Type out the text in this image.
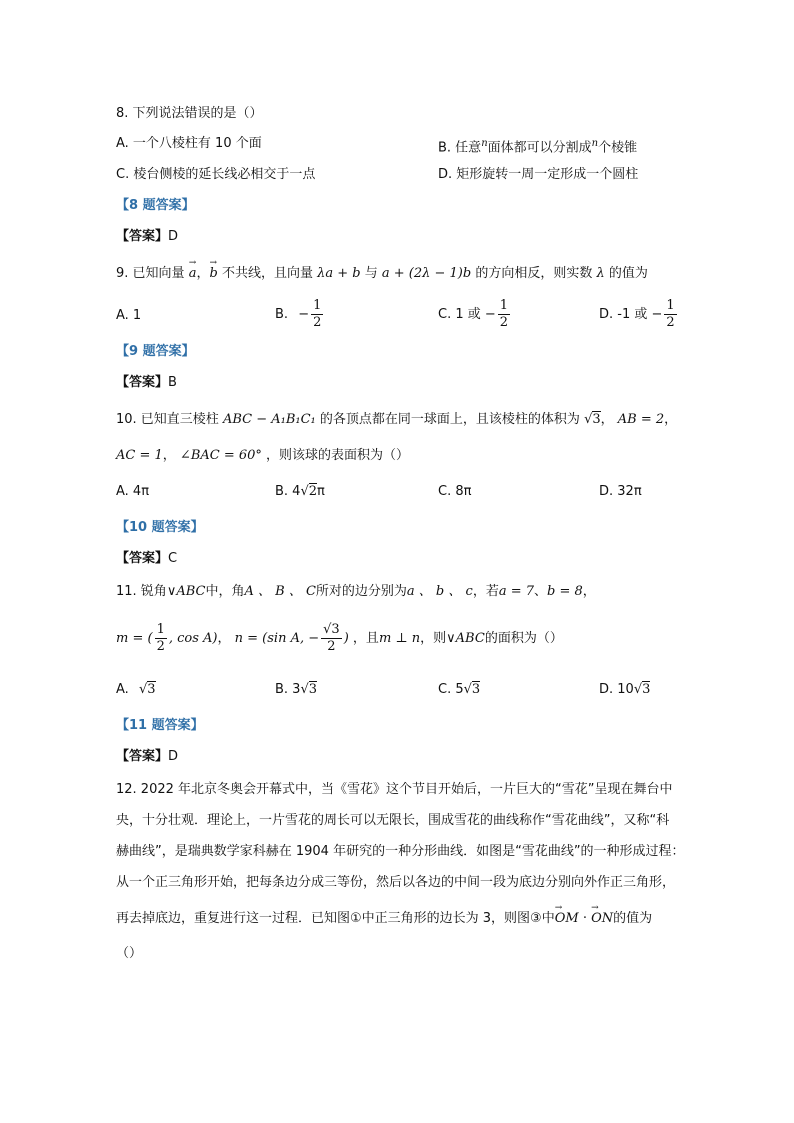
8. 下列说法错误的是（）
A. 一个八棱柱有 10 个面	B. 任意$^n$面体都可以分割成$^n$个棱锥
C. 棱台侧棱的延长线必相交于一点	D. 矩形旋转一周一定形成一个圆柱
【8 题答案】
【答案】D
9. 已知向量 → a，→ b 不共线，且向量 λa + b 与 a + (2λ − 1)b 的方向相反，则实数 λ 的值为
A. 1	B. − $\frac{1}{2}$	C. 1 或 − $\frac{1}{2}$	D. -1 或 − $\frac{1}{2}$
【9 题答案】
【答案】B
10. 已知直三棱柱 ABC − A₁B₁C₁ 的各顶点都在同一球面上，且该棱柱的体积为 √3， AB = 2，
AC = 1， ∠BAC = 60° ，则该球的表面积为（）
A. 4π	B. 4√2π	C. 8π	D. 32π
【10 题答案】
【答案】C
11. 锐角∨ABC中，角A 、 B 、 C所对的边分别为a 、 b 、 c，若a = 7、b = 8，
m = ( $\frac{1}{2}$ , cos A)， n = (sin A, − $\frac{√3}{2}$ ) ，且m ⊥ n，则∨ABC的面积为（）
A. √3	B. 3√3	C. 5√3	D. 10√3
【11 题答案】
【答案】D
12. 2022 年北京冬奥会开幕式中，当《雪花》这个节目开始后，一片巨大的“雪花”呈现在舞台中
央，十分壮观．理论上，一片雪花的周长可以无限长，围成雪花的曲线称作“雪花曲线”，又称“科
赫曲线”，是瑞典数学家科赫在 1904 年研究的一种分形曲线．如图是“雪花曲线”的一种形成过程：
从一个正三角形开始，把每条边分成三等份，然后以各边的中间一段为底边分别向外作正三角形，
再去掉底边，重复进行这一过程．已知图①中正三角形的边长为 3，则图③中→ OM · → ON的值为
（）
